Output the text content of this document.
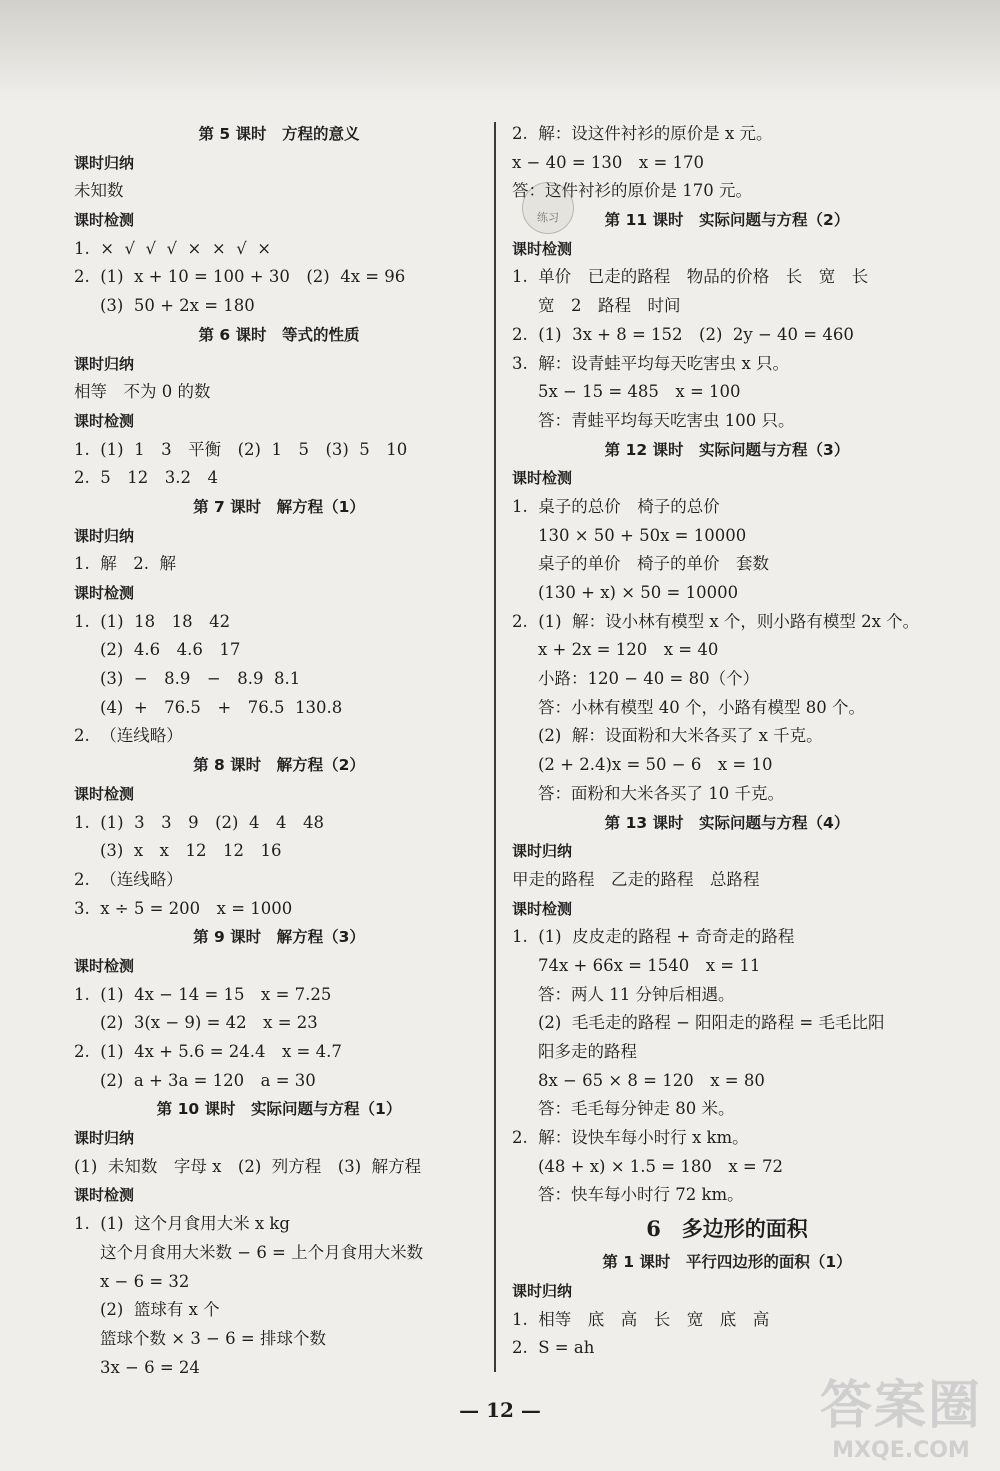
练习
第 5 课时　方程的意义
课时归纳
未知数
课时检测
1.  ×  √  √  √  ×  ×  √  ×
2.  (1)  x + 10 = 100 + 30　(2)  4x = 96
(3)  50 + 2x = 180
第 6 课时　等式的性质
课时归纳
相等　不为 0 的数
课时检测
1.  (1)  1　3　平衡　(2)  1　5　(3)  5　10
2.  5　12　3.2　4
第 7 课时　解方程（1）
课时归纳
1.  解　2.  解
课时检测
1.  (1)  18　18　42
(2)  4.6　4.6　17
(3)  −　8.9　−　8.9  8.1
(4)  +　76.5　+　76.5  130.8
2.  （连线略）
第 8 课时　解方程（2）
课时检测
1.  (1)  3　3　9　(2)  4　4　48
(3)  x　x　12　12　16
2.  （连线略）
3.  x ÷ 5 = 200　x = 1000
第 9 课时　解方程（3）
课时检测
1.  (1)  4x − 14 = 15　x = 7.25
(2)  3(x − 9) = 42　x = 23
2.  (1)  4x + 5.6 = 24.4　x = 4.7
(2)  a + 3a = 120　a = 30
第 10 课时　实际问题与方程（1）
课时归纳
(1)  未知数　字母 x　(2)  列方程　(3)  解方程
课时检测
1.  (1)  这个月食用大米 x kg
这个月食用大米数 − 6 = 上个月食用大米数
x − 6 = 32
(2)  篮球有 x 个
篮球个数 × 3 − 6 = 排球个数
3x − 6 = 24
2.  解：设这件衬衫的原价是 x 元。
x − 40 = 130　x = 170
答：这件衬衫的原价是 170 元。
第 11 课时　实际问题与方程（2）
课时检测
1.  单价　已走的路程　物品的价格　长　宽　长
宽　2　路程　时间
2.  (1)  3x + 8 = 152　(2)  2y − 40 = 460
3.  解：设青蛙平均每天吃害虫 x 只。
5x − 15 = 485　x = 100
答：青蛙平均每天吃害虫 100 只。
第 12 课时　实际问题与方程（3）
课时检测
1.  桌子的总价　椅子的总价
130 × 50 + 50x = 10000
桌子的单价　椅子的单价　套数
(130 + x) × 50 = 10000
2.  (1)  解：设小林有模型 x 个，则小路有模型 2x 个。
x + 2x = 120　x = 40
小路：120 − 40 = 80（个）
答：小林有模型 40 个，小路有模型 80 个。
(2)  解：设面粉和大米各买了 x 千克。
(2 + 2.4)x = 50 − 6　x = 10
答：面粉和大米各买了 10 千克。
第 13 课时　实际问题与方程（4）
课时归纳
甲走的路程　乙走的路程　总路程
课时检测
1.  (1)  皮皮走的路程 + 奇奇走的路程
74x + 66x = 1540　x = 11
答：两人 11 分钟后相遇。
(2)  毛毛走的路程 − 阳阳走的路程 = 毛毛比阳
阳多走的路程
8x − 65 × 8 = 120　x = 80
答：毛毛每分钟走 80 米。
2.  解：设快车每小时行 x km。
(48 + x) × 1.5 = 180　x = 72
答：快车每小时行 72 km。
6　多边形的面积
第 1 课时　平行四边形的面积（1）
课时归纳
1.  相等　底　高　长　宽　底　高
2.  S = ah
— 12 —	答案圈
MXQE.COM
